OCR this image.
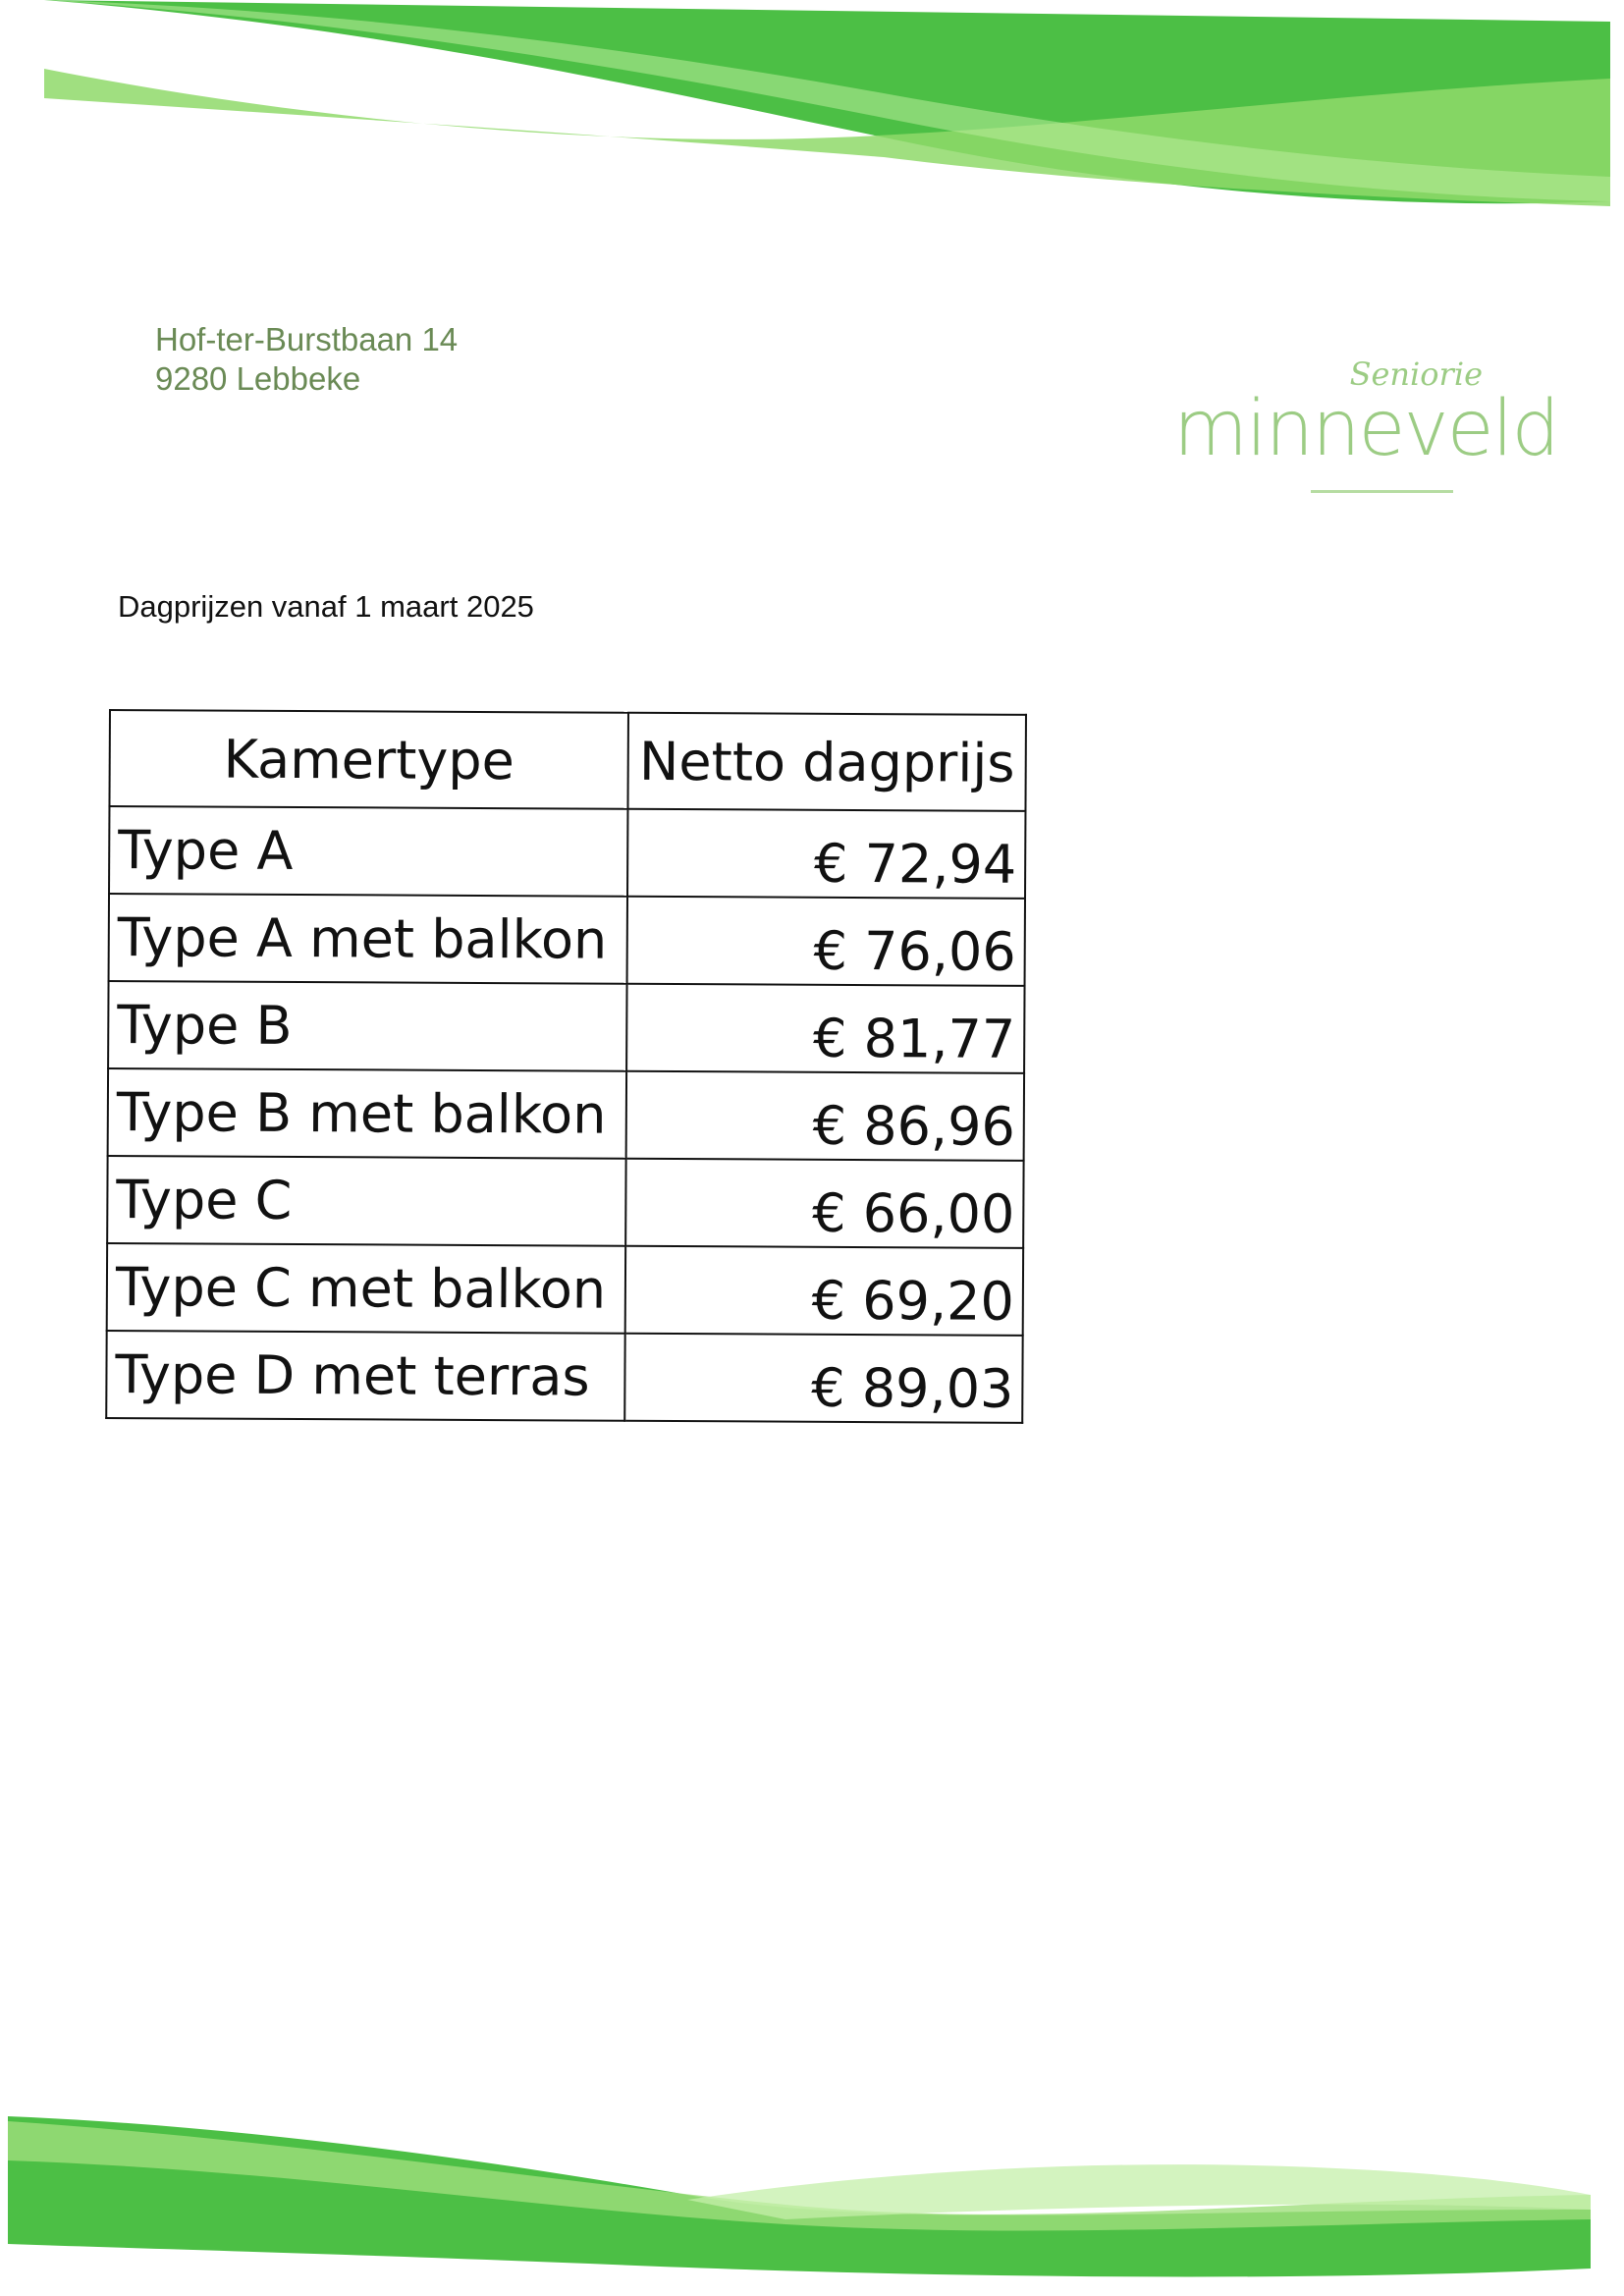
Hof-ter-Burstbaan 14
9280 Lebbeke	Seniorie
minneveld
Dagprijzen vanaf 1 maart 2025
Kamertype	Netto dagprijs
Type A	€ 72,94
Type A met balkon	€ 76,06
Type B	€ 81,77
Type B met balkon	€ 86,96
Type C	€ 66,00
Type C met balkon	€ 69,20
Type D met terras	€ 89,03
